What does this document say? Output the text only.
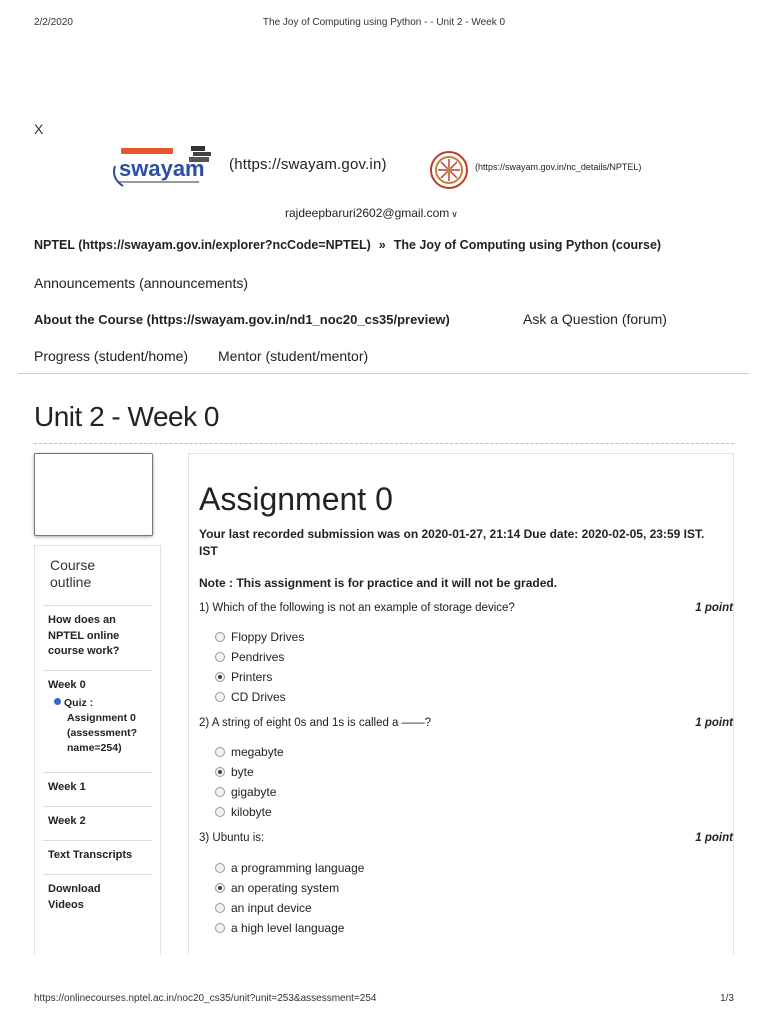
2/2/2020	The Joy of Computing using Python - - Unit 2 - Week 0
X
swayam (https://swayam.gov.in)	(https://swayam.gov.in/nc_details/NPTEL)
rajdeepbaruri2602@gmail.com ∨
NPTEL (https://swayam.gov.in/explorer?ncCode=NPTEL) » The Joy of Computing using Python (course)
Announcements (announcements)
About the Course (https://swayam.gov.in/nd1_noc20_cs35/preview)	Ask a Question (forum)
Progress (student/home) Mentor (student/mentor)
Unit 2 - Week 0
Course
outline
How does an NPTEL online course work?
Week 0
Quiz :
Assignment 0 (assessment?name=254)
Week 1
Week 2
Text Transcripts
Download Videos
Assignment 0
Your last recorded submission was on 2020-01-27, 21:14 Due date: 2020-02-05, 23:59 IST.
IST
Note : This assignment is for practice and it will not be graded.
1) Which of the following is not an example of storage device?	1 point
Floppy Drives
Pendrives
Printers
CD Drives
2) A string of eight 0s and 1s is called a ——?	1 point
megabyte
byte
gigabyte
kilobyte
3) Ubuntu is:	1 point
a programming language
an operating system
an input device
a high level language
https://onlinecourses.nptel.ac.in/noc20_cs35/unit?unit=253&assessment=254	1/3
